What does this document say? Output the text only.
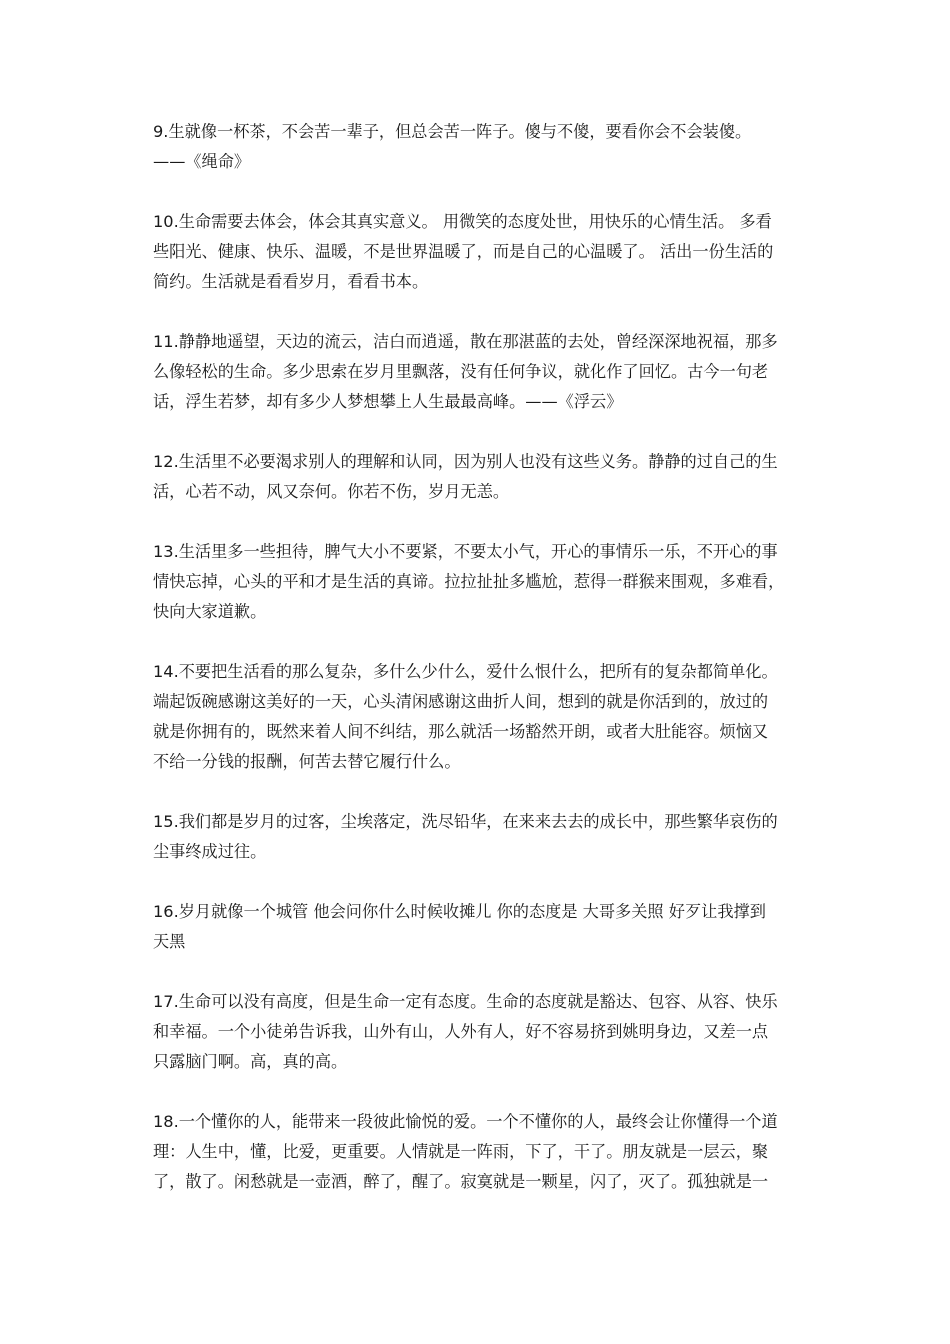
9.生就像一杯茶，不会苦一辈子，但总会苦一阵子。傻与不傻，要看你会不会装傻。
——《绳命》

10.生命需要去体会，体会其真实意义。 用微笑的态度处世，用快乐的心情生活。 多看
些阳光、健康、快乐、温暖，不是世界温暖了，而是自己的心温暖了。 活出一份生活的
简约。生活就是看看岁月，看看书本。

11.静静地遥望，天边的流云，洁白而逍遥，散在那湛蓝的去处，曾经深深地祝福，那多
么像轻松的生命。多少思索在岁月里飘落，没有任何争议，就化作了回忆。古今一句老
话，浮生若梦，却有多少人梦想攀上人生最最高峰。——《浮云》

12.生活里不必要渴求别人的理解和认同，因为别人也没有这些义务。静静的过自己的生
活，心若不动，风又奈何。你若不伤，岁月无恙。

13.生活里多一些担待，脾气大小不要紧，不要太小气，开心的事情乐一乐，不开心的事
情快忘掉，心头的平和才是生活的真谛。拉拉扯扯多尴尬，惹得一群猴来围观，多难看，
快向大家道歉。

14.不要把生活看的那么复杂，多什么少什么，爱什么恨什么，把所有的复杂都简单化。
端起饭碗感谢这美好的一天，心头清闲感谢这曲折人间，想到的就是你活到的，放过的
就是你拥有的，既然来着人间不纠结，那么就活一场豁然开朗，或者大肚能容。烦恼又
不给一分钱的报酬，何苦去替它履行什么。

15.我们都是岁月的过客，尘埃落定，洗尽铅华，在来来去去的成长中，那些繁华哀伤的
尘事终成过往。

16.岁月就像一个城管 他会问你什么时候收摊儿 你的态度是 大哥多关照 好歹让我撑到
天黑

17.生命可以没有高度，但是生命一定有态度。生命的态度就是豁达、包容、从容、快乐
和幸福。一个小徒弟告诉我，山外有山，人外有人，好不容易挤到姚明身边，又差一点
只露脑门啊。高，真的高。

18.一个懂你的人，能带来一段彼此愉悦的爱。一个不懂你的人，最终会让你懂得一个道
理：人生中，懂，比爱，更重要。人情就是一阵雨，下了，干了。朋友就是一层云，聚
了，散了。闲愁就是一壶酒，醉了，醒了。寂寞就是一颗星，闪了，灭了。孤独就是一
